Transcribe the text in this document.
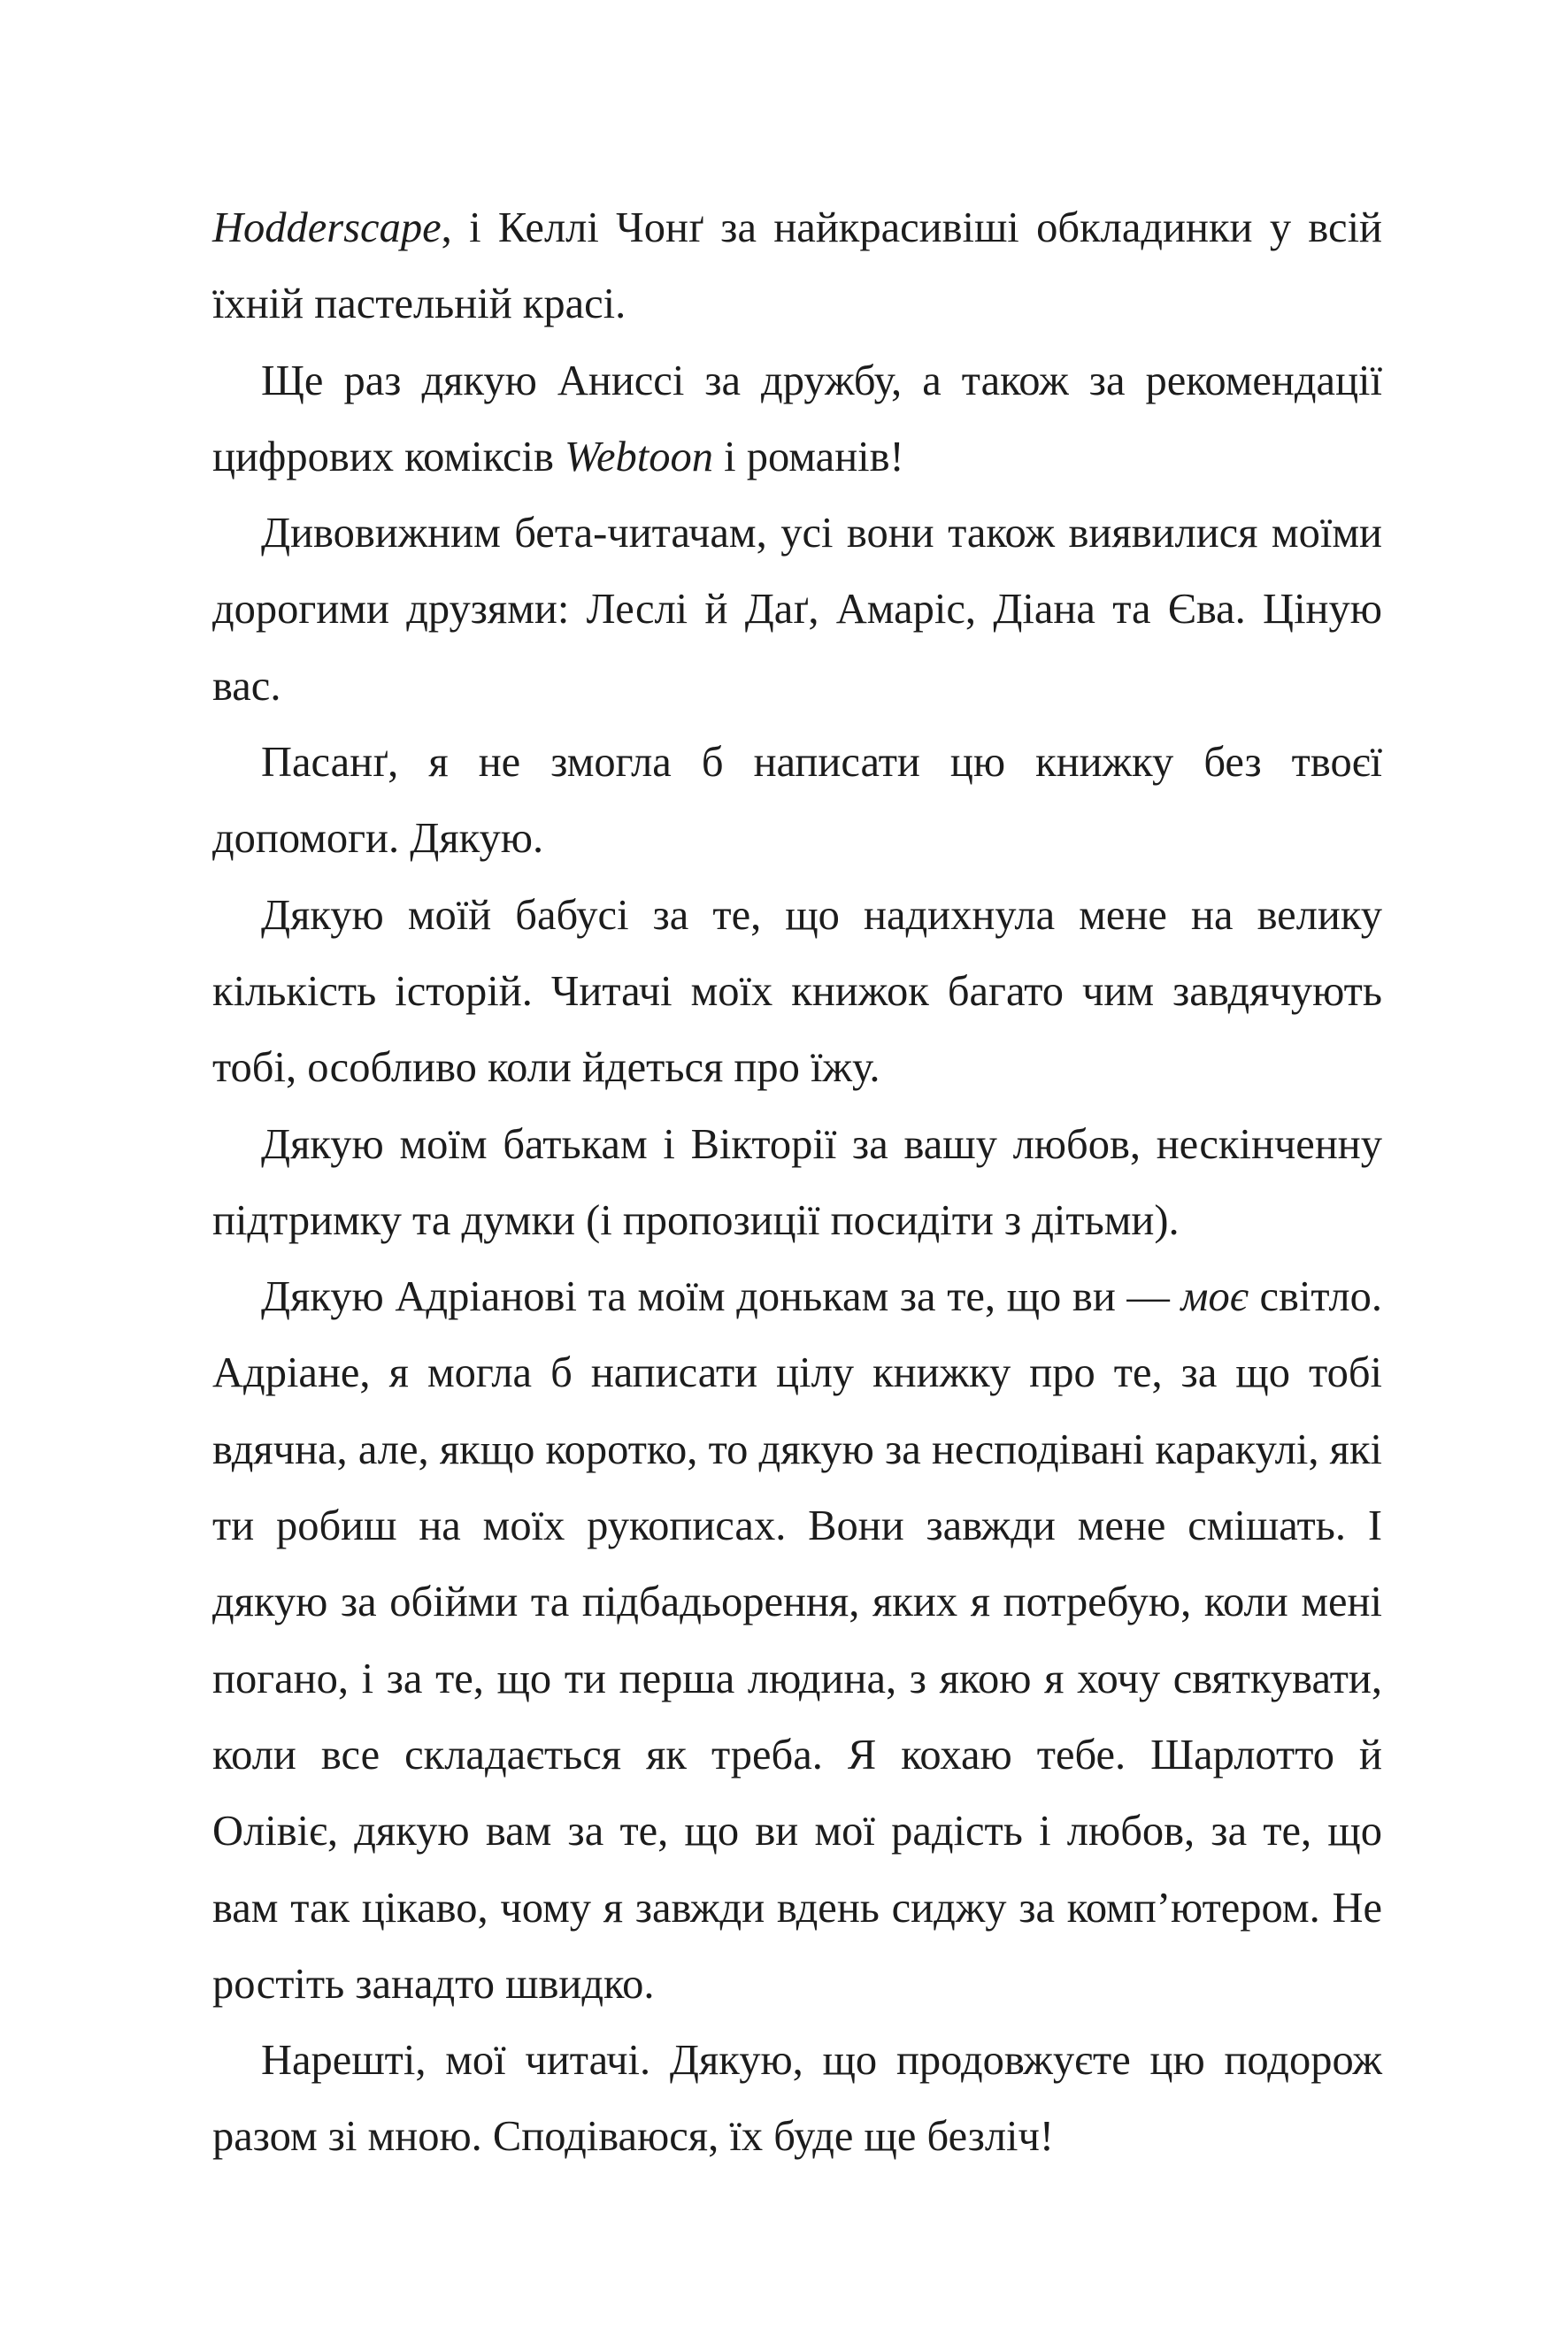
Hodderscape, і Келлі Чонґ за найкрасивіші обкладинки у всій їхній пастельній красі.

Ще раз дякую Аниссі за дружбу, а також за рекомендації цифрових коміксів Webtoon і романів!

Дивовижним бета-читачам, усі вони також виявилися моїми дорогими друзями: Леслі й Даґ, Амаріс, Діана та Єва. Ціную вас.

Пасанґ, я не змогла б написати цю книжку без твоєї допомоги. Дякую.

Дякую моїй бабусі за те, що надихнула мене на велику кількість історій. Читачі моїх книжок багато чим завдячують тобі, особливо коли йдеться про їжу.

Дякую моїм батькам і Вікторії за вашу любов, нескінченну підтримку та думки (і пропозиції посидіти з дітьми).

Дякую Адріанові та моїм донькам за те, що ви — моє світло. Адріане, я могла б написати цілу книжку про те, за що тобі вдячна, але, якщо коротко, то дякую за несподівані каракулі, які ти робиш на моїх рукописах. Вони завжди мене смішать. І дякую за обійми та підбадьорення, яких я потребую, коли мені погано, і за те, що ти перша людина, з якою я хочу святкувати, коли все складається як треба. Я кохаю тебе. Шарлотто й Олівіє, дякую вам за те, що ви мої радість і любов, за те, що вам так цікаво, чому я завжди вдень сиджу за комп’ютером. Не ростіть занадто швидко.

Нарешті, мої читачі. Дякую, що продовжуєте цю подорож разом зі мною. Сподіваюся, їх буде ще безліч!
